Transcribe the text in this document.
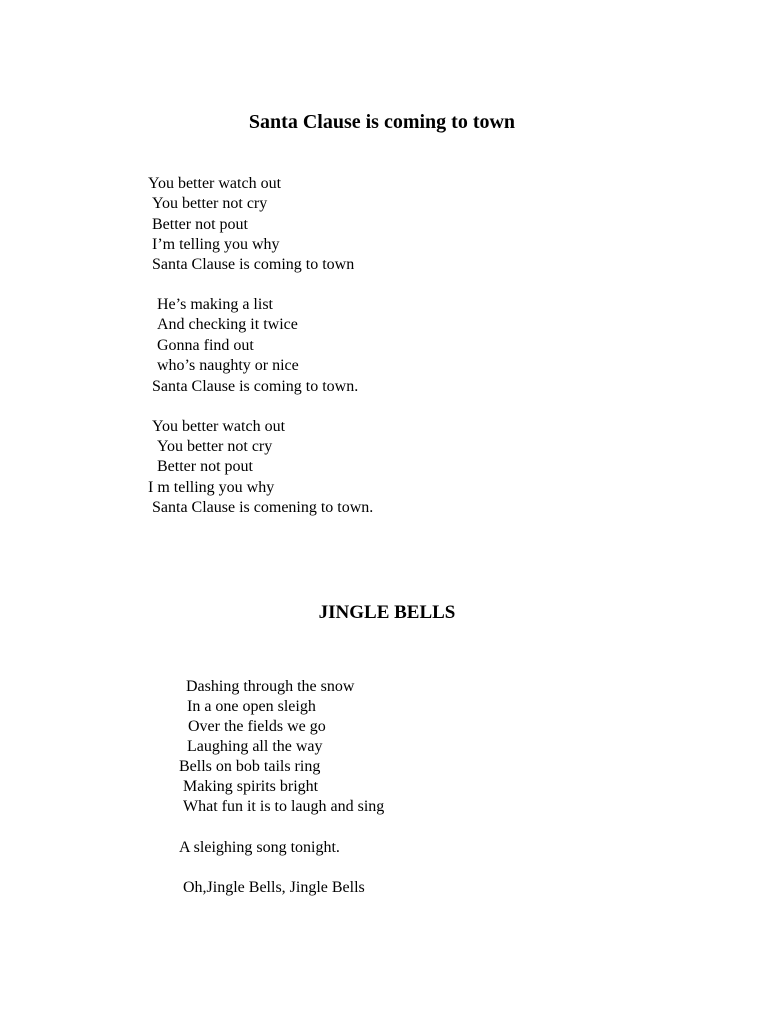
Santa Clause is coming to town
You better watch out
You better not cry
Better not pout
I’m telling you why
Santa Clause is coming to town
He’s making a list
And checking it twice
Gonna find out
who’s naughty or nice
Santa Clause is coming to town.
You better watch out
You better not cry
Better not pout
I m telling you why
Santa Clause is comening to town.
JINGLE BELLS
Dashing through the snow
In a one open sleigh
Over the fields we go
Laughing all the way
Bells on bob tails ring
Making spirits bright
What fun it is to laugh and sing
A sleighing song tonight.
Oh,Jingle Bells, Jingle Bells
